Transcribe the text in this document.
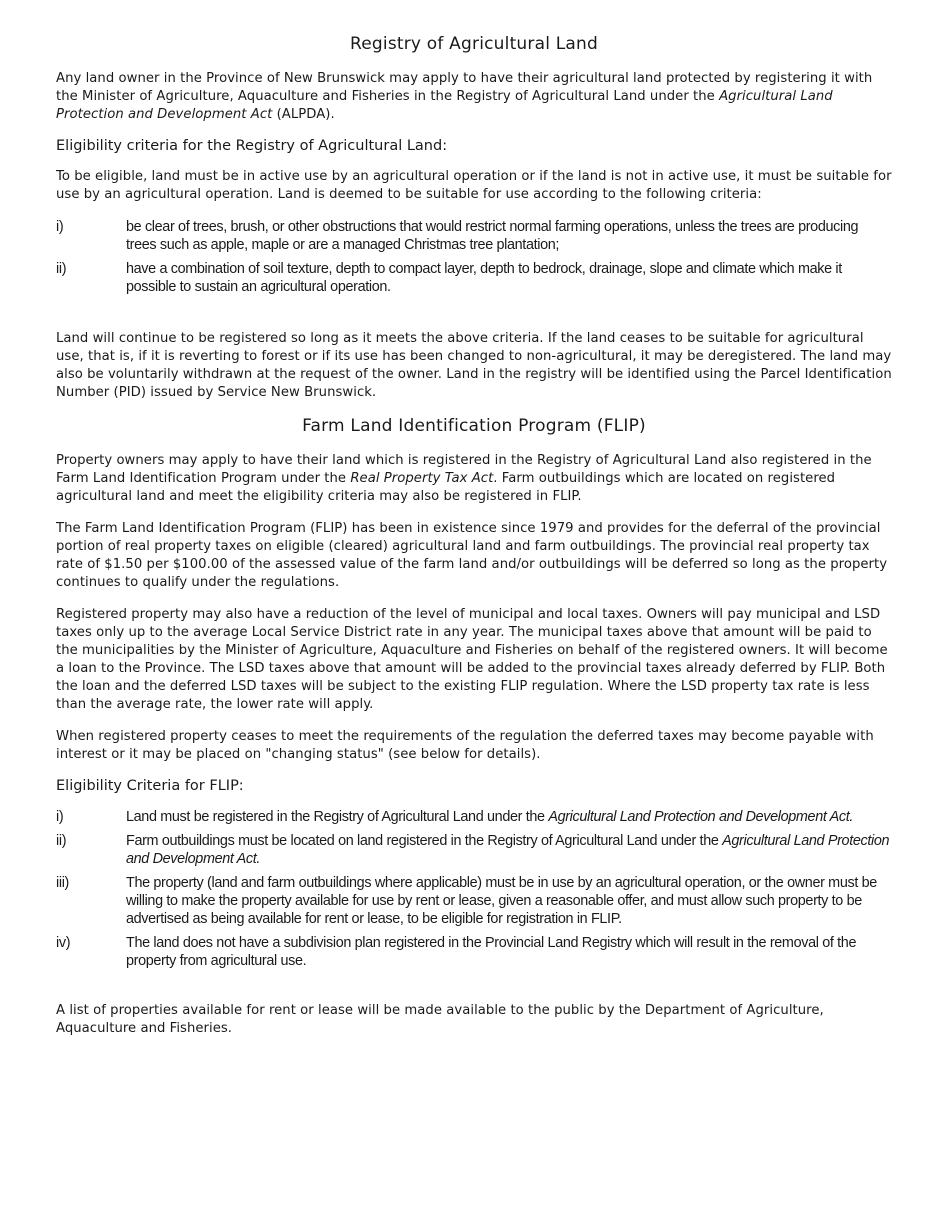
Registry of Agricultural Land

Any land owner in the Province of New Brunswick may apply to have their agricultural land protected by registering it with the Minister of Agriculture, Aquaculture and Fisheries in the Registry of Agricultural Land under the Agricultural Land Protection and Development Act (ALPDA).

Eligibility criteria for the Registry of Agricultural Land:

To be eligible, land must be in active use by an agricultural operation or if the land is not in active use, it must be suitable for use by an agricultural operation. Land is deemed to be suitable for use according to the following criteria:

i)	be clear of trees, brush, or other obstructions that would restrict normal farming operations, unless the trees are producing trees such as apple, maple or are a managed Christmas tree plantation;
ii)	have a combination of soil texture, depth to compact layer, depth to bedrock, drainage, slope and climate which make it possible to sustain an agricultural operation.

Land will continue to be registered so long as it meets the above criteria. If the land ceases to be suitable for agricultural use, that is, if it is reverting to forest or if its use has been changed to non-agricultural, it may be deregistered. The land may also be voluntarily withdrawn at the request of the owner. Land in the registry will be identified using the Parcel Identification Number (PID) issued by Service New Brunswick.

Farm Land Identification Program (FLIP)

Property owners may apply to have their land which is registered in the Registry of Agricultural Land also registered in the Farm Land Identification Program under the Real Property Tax Act. Farm outbuildings which are located on registered agricultural land and meet the eligibility criteria may also be registered in FLIP.

The Farm Land Identification Program (FLIP) has been in existence since 1979 and provides for the deferral of the provincial portion of real property taxes on eligible (cleared) agricultural land and farm outbuildings. The provincial real property tax rate of $1.50 per $100.00 of the assessed value of the farm land and/or outbuildings will be deferred so long as the property continues to qualify under the regulations.

Registered property may also have a reduction of the level of municipal and local taxes. Owners will pay municipal and LSD taxes only up to the average Local Service District rate in any year. The municipal taxes above that amount will be paid to the municipalities by the Minister of Agriculture, Aquaculture and Fisheries on behalf of the registered owners. It will become a loan to the Province. The LSD taxes above that amount will be added to the provincial taxes already deferred by FLIP. Both the loan and the deferred LSD taxes will be subject to the existing FLIP regulation. Where the LSD property tax rate is less than the average rate, the lower rate will apply.

When registered property ceases to meet the requirements of the regulation the deferred taxes may become payable with interest or it may be placed on "changing status" (see below for details).

Eligibility Criteria for FLIP:
i)	Land must be registered in the Registry of Agricultural Land under the Agricultural Land Protection and Development Act.
ii)	Farm outbuildings must be located on land registered in the Registry of Agricultural Land under the Agricultural Land Protection and Development Act.
iii)	The property (land and farm outbuildings where applicable) must be in use by an agricultural operation, or the owner must be willing to make the property available for use by rent or lease, given a reasonable offer, and must allow such property to be advertised as being available for rent or lease, to be eligible for registration in FLIP.
iv)	The land does not have a subdivision plan registered in the Provincial Land Registry which will result in the removal of the property from agricultural use.

A list of properties available for rent or lease will be made available to the public by the Department of Agriculture, Aquaculture and Fisheries.
